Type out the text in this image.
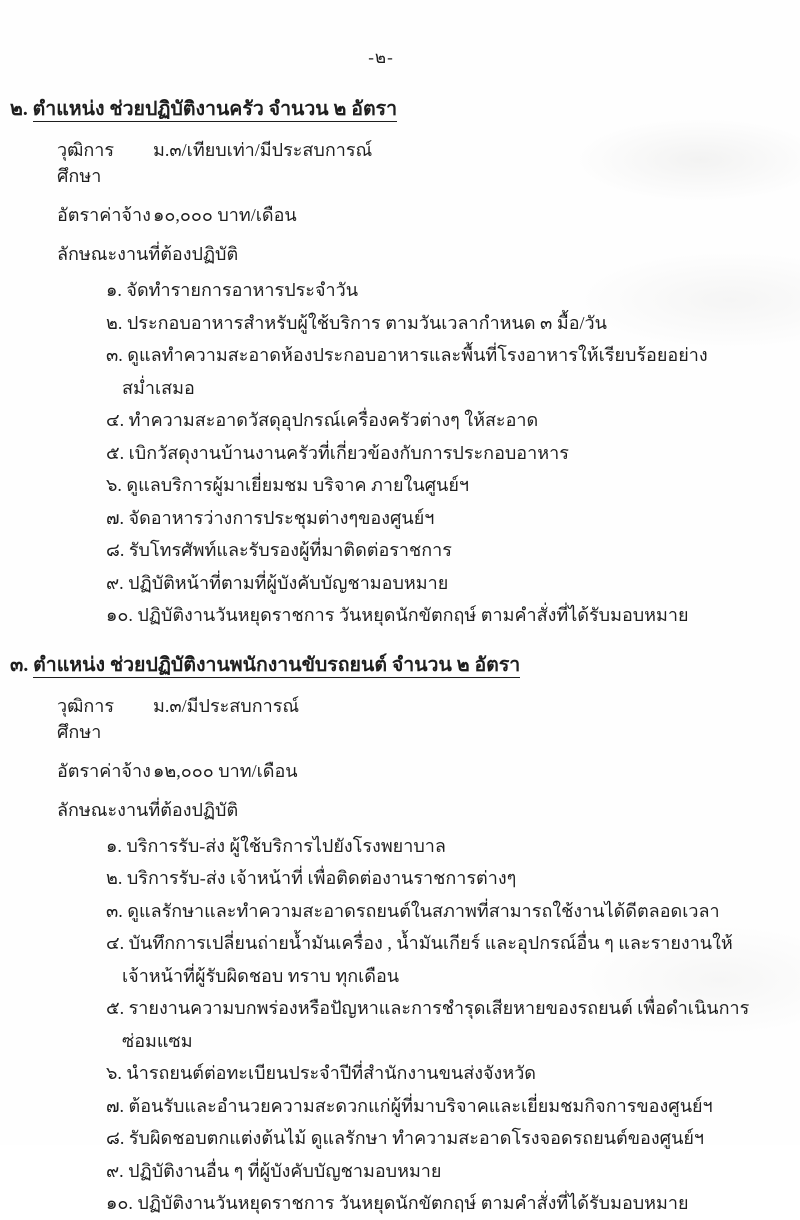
-๒-
๒. ตำแหน่ง ช่วยปฏิบัติงานครัว จำนวน ๒ อัตรา
วุฒิการศึกษา
ม.๓/เทียบเท่า/มีประสบการณ์
อัตราค่าจ้าง ๑๐,๐๐๐ บาท/เดือน
ลักษณะงานที่ต้องปฏิบัติ
๑. จัดทำรายการอาหารประจำวัน
๒. ประกอบอาหารสำหรับผู้ใช้บริการ ตามวันเวลากำหนด ๓ มื้อ/วัน
๓. ดูแลทำความสะอาดห้องประกอบอาหารและพื้นที่โรงอาหารให้เรียบร้อยอย่างสม่ำเสมอ
๔. ทำความสะอาดวัสดุอุปกรณ์เครื่องครัวต่างๆ ให้สะอาด
๕. เบิกวัสดุงานบ้านงานครัวที่เกี่ยวข้องกับการประกอบอาหาร
๖. ดูแลบริการผู้มาเยี่ยมชม บริจาค ภายในศูนย์ฯ
๗. จัดอาหารว่างการประชุมต่างๆของศูนย์ฯ
๘. รับโทรศัพท์และรับรองผู้ที่มาติดต่อราชการ
๙. ปฏิบัติหน้าที่ตามที่ผู้บังคับบัญชามอบหมาย
๑๐. ปฏิบัติงานวันหยุดราชการ วันหยุดนักขัตกฤษ์ ตามคำสั่งที่ได้รับมอบหมาย
๓. ตำแหน่ง ช่วยปฏิบัติงานพนักงานขับรถยนต์ จำนวน ๒ อัตรา
วุฒิการศึกษา
ม.๓/มีประสบการณ์
อัตราค่าจ้าง ๑๒,๐๐๐ บาท/เดือน
ลักษณะงานที่ต้องปฏิบัติ
๑. บริการรับ-ส่ง ผู้ใช้บริการไปยังโรงพยาบาล
๒. บริการรับ-ส่ง เจ้าหน้าที่ เพื่อติดต่องานราชการต่างๆ
๓. ดูแลรักษาและทำความสะอาดรถยนต์ในสภาพที่สามารถใช้งานได้ดีตลอดเวลา
๔. บันทึกการเปลี่ยนถ่ายน้ำมันเครื่อง , น้ำมันเกียร์ และอุปกรณ์อื่น ๆ และรายงานให้เจ้าหน้าที่ผู้รับผิดชอบ ทราบ ทุกเดือน
๕. รายงานความบกพร่องหรือปัญหาและการชำรุดเสียหายของรถยนต์ เพื่อดำเนินการซ่อมแซม
๖. นำรถยนต์ต่อทะเบียนประจำปีที่สำนักงานขนส่งจังหวัด
๗. ต้อนรับและอำนวยความสะดวกแก่ผู้ที่มาบริจาคและเยี่ยมชมกิจการของศูนย์ฯ
๘. รับผิดชอบตกแต่งต้นไม้ ดูแลรักษา ทำความสะอาดโรงจอดรถยนต์ของศูนย์ฯ
๙. ปฏิบัติงานอื่น ๆ ที่ผู้บังคับบัญชามอบหมาย
๑๐. ปฏิบัติงานวันหยุดราชการ วันหยุดนักขัตกฤษ์ ตามคำสั่งที่ได้รับมอบหมาย
